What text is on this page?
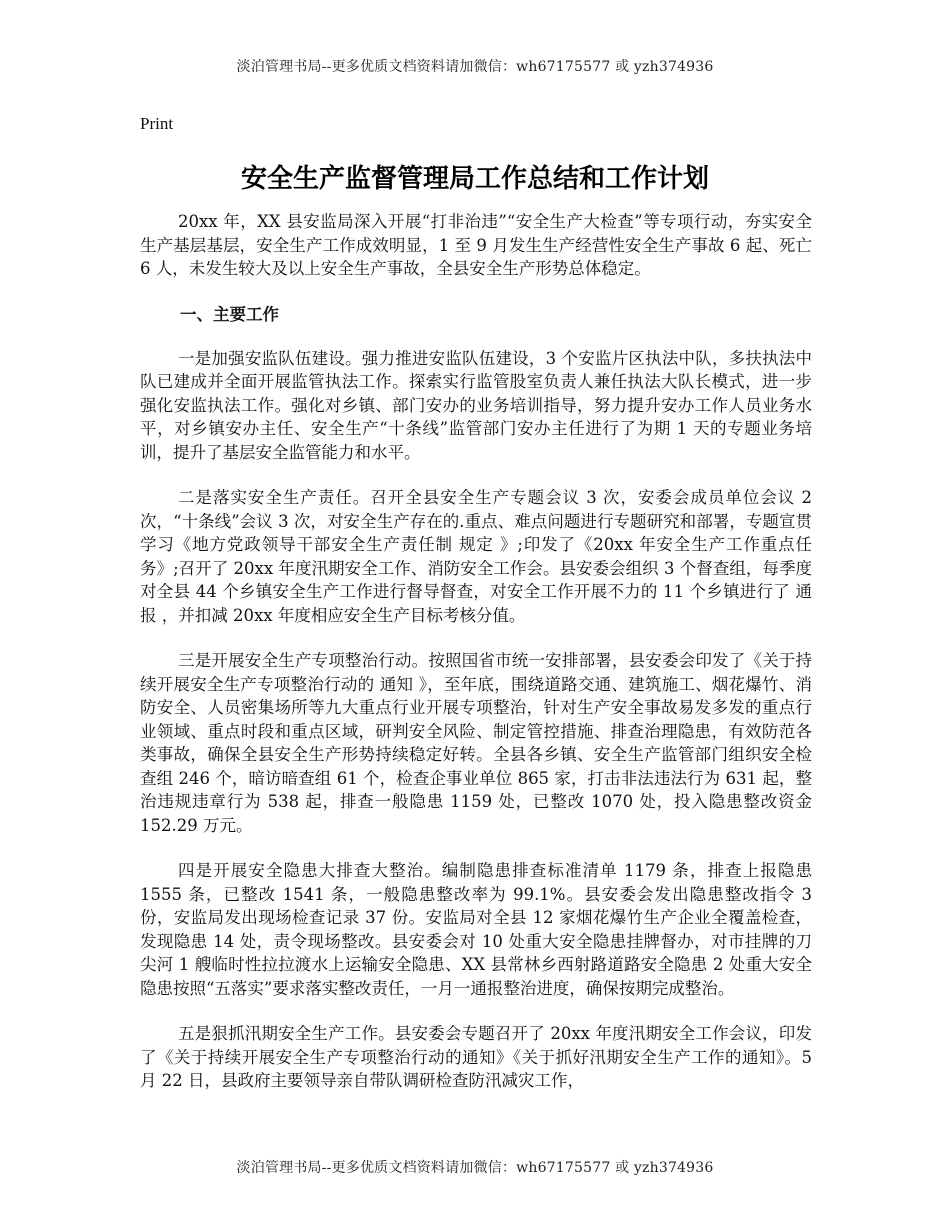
淡泊管理书局--更多优质文档资料请加微信：wh67175577 或 yzh374936
Print
安全生产监督管理局工作总结和工作计划

20xx 年，XX 县安监局深入开展“打非治违”“安全生产大检查”等专项行动，夯实安全生产基层基层，安全生产工作成效明显，1 至 9 月发生生产经营性安全生产事故 6 起、死亡 6 人，未发生较大及以上安全生产事故，全县安全生产形势总体稳定。

一、主要工作

一是加强安监队伍建设。强力推进安监队伍建设，3 个安监片区执法中队，多扶执法中队已建成并全面开展监管执法工作。探索实行监管股室负责人兼任执法大队长模式，进一步强化安监执法工作。强化对乡镇、部门安办的业务培训指导，努力提升安办工作人员业务水平，对乡镇安办主任、安全生产“十条线”监管部门安办主任进行了为期 1 天的专题业务培训，提升了基层安全监管能力和水平。

二是落实安全生产责任。召开全县安全生产专题会议 3 次，安委会成员单位会议 2 次，“十条线”会议 3 次，对安全生产存在的.重点、难点问题进行专题研究和部署，专题宣贯学习《地方党政领导干部安全生产责任制 规定 》;印发了《20xx 年安全生产工作重点任务》;召开了 20xx 年度汛期安全工作、消防安全工作会。县安委会组织 3 个督查组，每季度对全县 44 个乡镇安全生产工作进行督导督查，对安全工作开展不力的 11 个乡镇进行了 通报 ，并扣减 20xx 年度相应安全生产目标考核分值。

三是开展安全生产专项整治行动。按照国省市统一安排部署，县安委会印发了《关于持续开展安全生产专项整治行动的 通知 》，至年底，围绕道路交通、建筑施工、烟花爆竹、消防安全、人员密集场所等九大重点行业开展专项整治，针对生产安全事故易发多发的重点行业领域、重点时段和重点区域，研判安全风险、制定管控措施、排查治理隐患，有效防范各类事故，确保全县安全生产形势持续稳定好转。全县各乡镇、安全生产监管部门组织安全检查组 246 个，暗访暗查组 61 个，检查企事业单位 865 家，打击非法违法行为 631 起，整治违规违章行为 538 起，排查一般隐患 1159 处，已整改 1070 处，投入隐患整改资金 152.29 万元。

四是开展安全隐患大排查大整治。编制隐患排查标准清单 1179 条，排查上报隐患 1555 条，已整改 1541 条，一般隐患整改率为 99.1%。县安委会发出隐患整改指令 3 份，安监局发出现场检查记录 37 份。安监局对全县 12 家烟花爆竹生产企业全覆盖检查，发现隐患 14 处，责令现场整改。县安委会对 10 处重大安全隐患挂牌督办，对市挂牌的刀尖河 1 艘临时性拉拉渡水上运输安全隐患、XX 县常林乡西射路道路安全隐患 2 处重大安全隐患按照“五落实”要求落实整改责任，一月一通报整治进度，确保按期完成整治。

五是狠抓汛期安全生产工作。县安委会专题召开了 20xx 年度汛期安全工作会议，印发了《关于持续开展安全生产专项整治行动的通知》《关于抓好汛期安全生产工作的通知》。5 月 22 日，县政府主要领导亲自带队调研检查防汛减灾工作，

淡泊管理书局--更多优质文档资料请加微信：wh67175577 或 yzh374936
